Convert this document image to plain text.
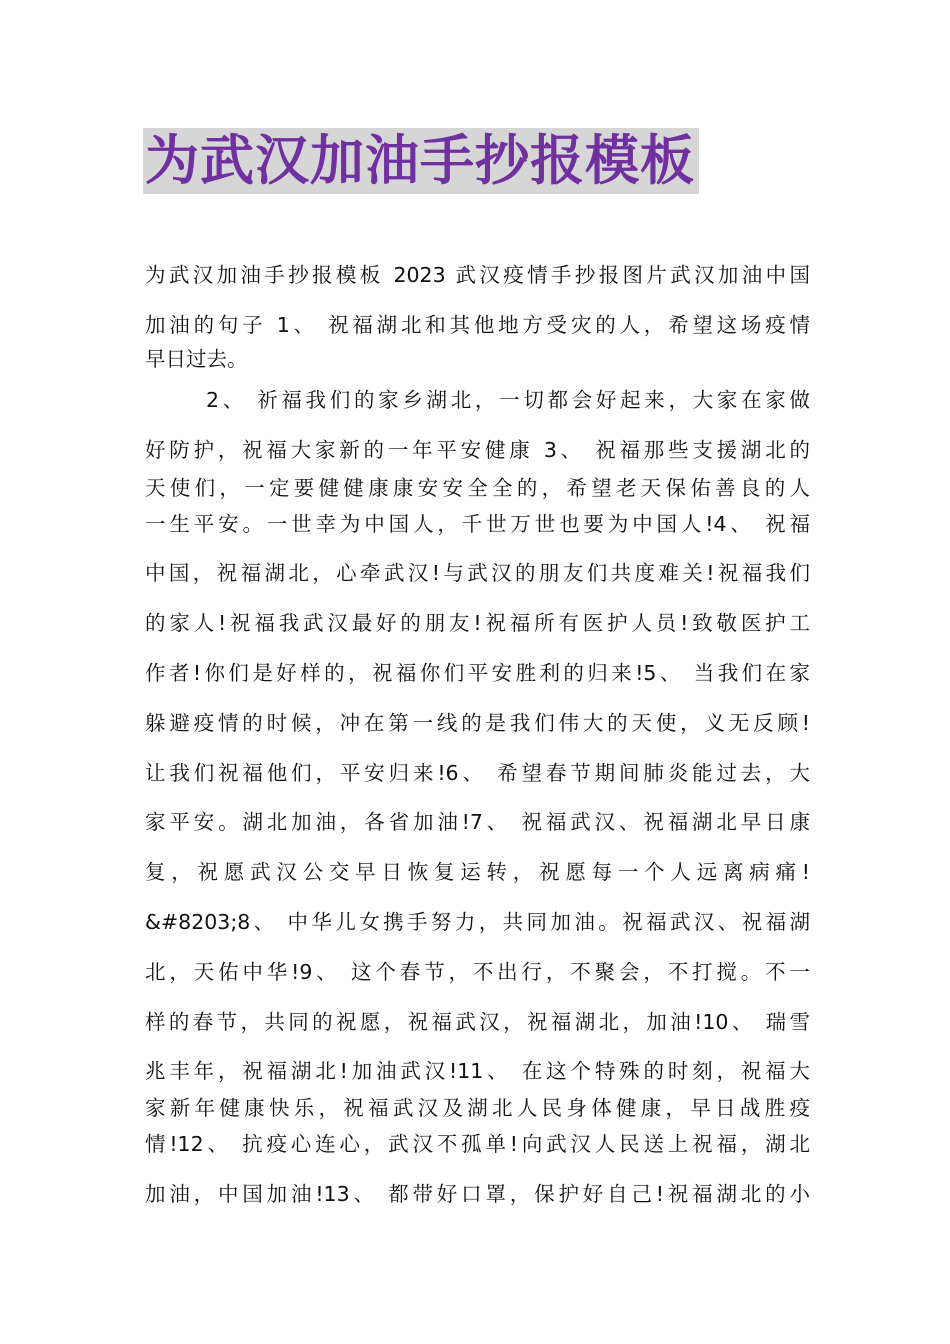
为武汉加油手抄报模板
为武汉加油手抄报模板 2023 武汉疫情手抄报图片武汉加油中国
加油的句子 1、 祝福湖北和其他地方受灾的人，希望这场疫情
早日过去。
2、 祈福我们的家乡湖北，一切都会好起来，大家在家做
好防护，祝福大家新的一年平安健康 3、 祝福那些支援湖北的
天使们，一定要健健康康安安全全的，希望老天保佑善良的人
一生平安。一世幸为中国人，千世万世也要为中国人!4、 祝福
中国，祝福湖北，心牵武汉!与武汉的朋友们共度难关!祝福我们
的家人!祝福我武汉最好的朋友!祝福所有医护人员!致敬医护工
作者!你们是好样的，祝福你们平安胜利的归来!5、 当我们在家
躲避疫情的时候，冲在第一线的是我们伟大的天使，义无反顾!
让我们祝福他们，平安归来!6、 希望春节期间肺炎能过去，大
家平安。湖北加油，各省加油!7、 祝福武汉、祝福湖北早日康
复，祝愿武汉公交早日恢复运转，祝愿每一个人远离病痛!
&#8203;8、 中华儿女携手努力，共同加油。祝福武汉、祝福湖
北，天佑中华!9、 这个春节，不出行，不聚会，不打搅。不一
样的春节，共同的祝愿，祝福武汉，祝福湖北，加油!10、 瑞雪
兆丰年，祝福湖北!加油武汉!11、 在这个特殊的时刻，祝福大
家新年健康快乐，祝福武汉及湖北人民身体健康，早日战胜疫
情!12、 抗疫心连心，武汉不孤单!向武汉人民送上祝福，湖北
加油，中国加油!13、 都带好口罩，保护好自己!祝福湖北的小
